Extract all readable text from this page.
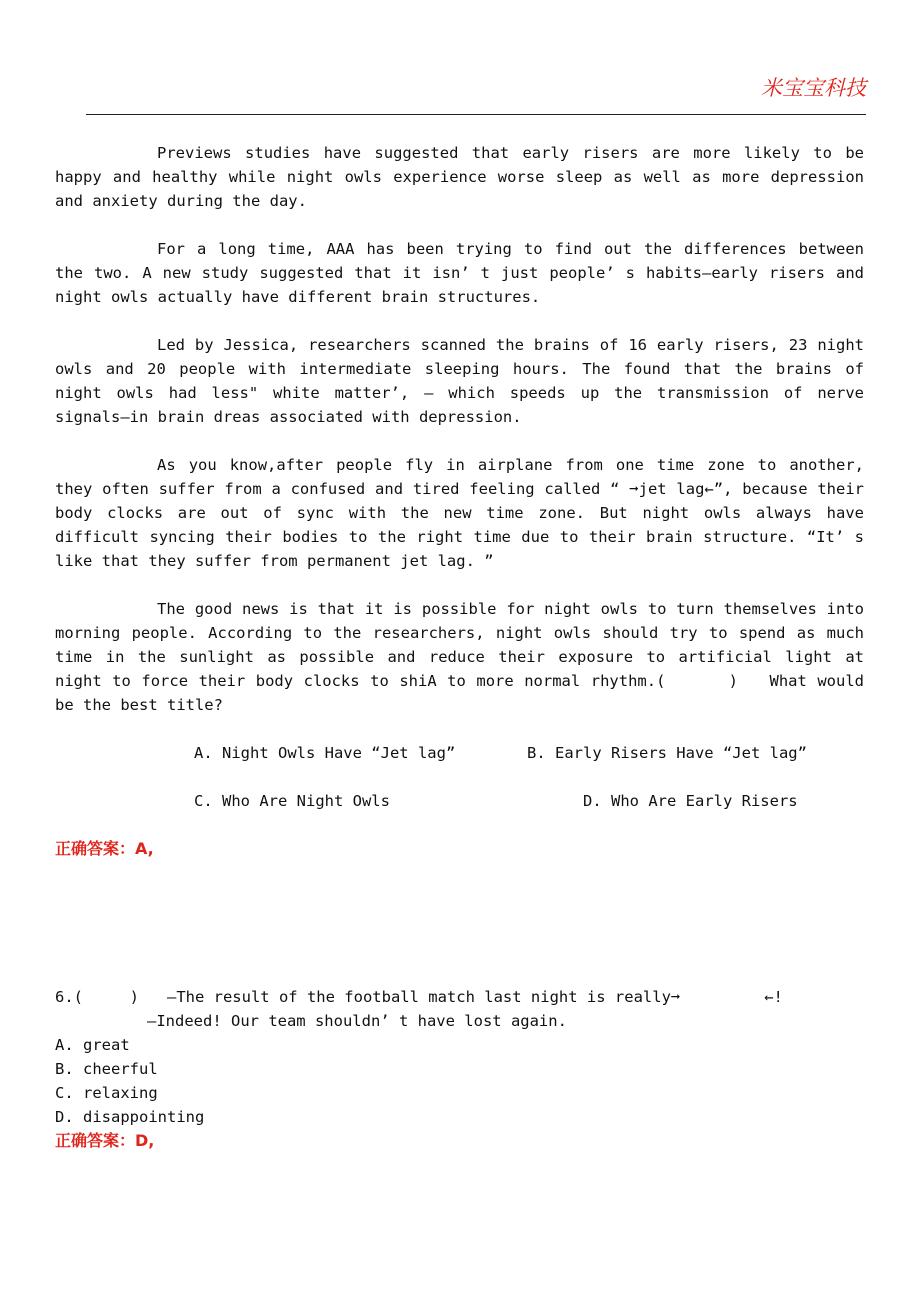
米宝宝科技

Previews studies have suggested that early risers are more likely to be happy and healthy while night owls experience worse sleep as well as more depression and anxiety during the day.

For a long time, AAA has been trying to find out the differences between the two. A new study suggested that it isn’ t just people’ s habits—early risers and night owls actually have different brain structures.

Led by Jessica, researchers scanned the brains of 16 early risers, 23 night owls and 20 people with intermediate sleeping hours. The found that the brains of night owls had less" white matter’, — which speeds up the transmission of nerve signals—in brain dreas associated with depression.

As you know,after people fly in airplane from one time zone to another, they often suffer from a confused and tired feeling called “ ➞jet lag←”, because their body clocks are out of sync with the new time zone. But night owls always have difficult syncing their bodies to the right time due to their brain structure. “It’ s like that they suffer from permanent jet lag. ”

The good news is that it is possible for night owls to turn themselves into morning people. According to the researchers, night owls should try to spend as much time in the sunlight as possible and reduce their exposure to artificial light at night to force their body clocks to shiA to more normal rhythm.(      )   What would be the best title?

A. Night Owls Have “Jet lag”	B. Early Risers Have “Jet lag”
C. Who Are Night Owls	D. Who Are Early Risers

正确答案：A,

6.(     )   —The result of the football match last night is really➞         ←!

—Indeed! Our team shouldn’ t have lost again.

A. great

B. cheerful

C. relaxing

D. disappointing

正确答案：D,
